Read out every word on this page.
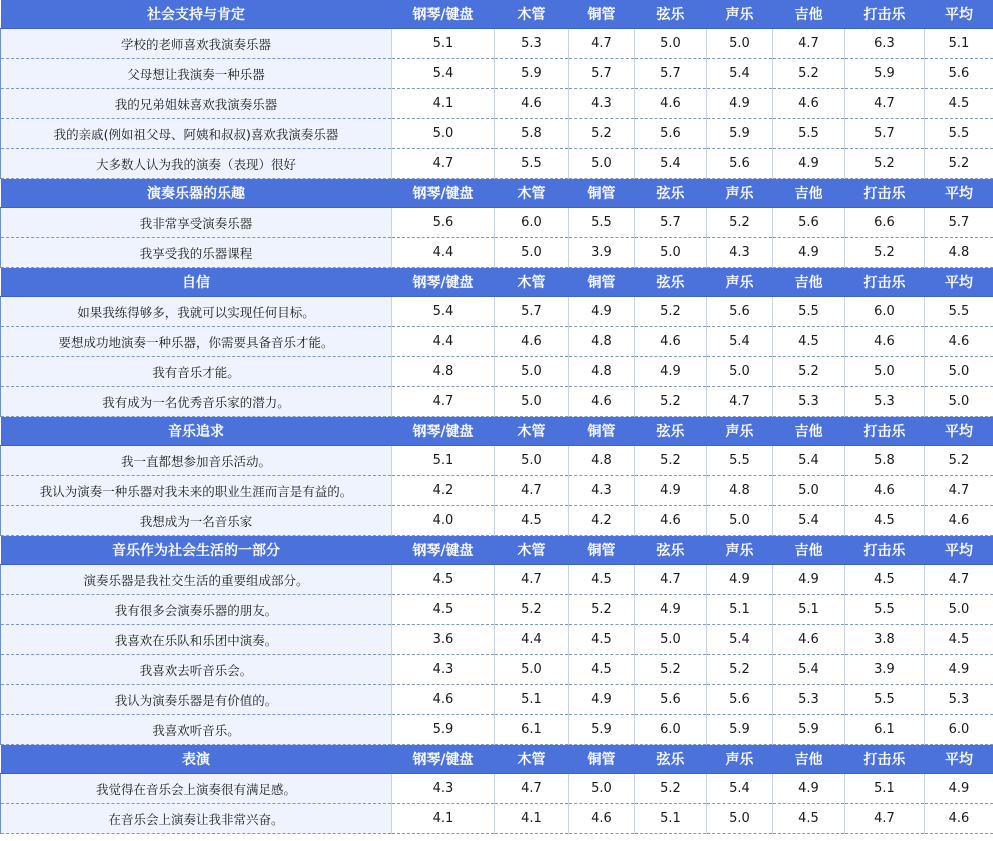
社会支持与肯定	钢琴/键盘	木管	铜管	弦乐	声乐	吉他	打击乐	平均
学校的老师喜欢我演奏乐器	5.1	5.3	4.7	5.0	5.0	4.7	6.3	5.1
父母想让我演奏一种乐器	5.4	5.9	5.7	5.7	5.4	5.2	5.9	5.6
我的兄弟姐妹喜欢我演奏乐器	4.1	4.6	4.3	4.6	4.9	4.6	4.7	4.5
我的亲戚(例如祖父母、阿姨和叔叔)喜欢我演奏乐器	5.0	5.8	5.2	5.6	5.9	5.5	5.7	5.5
大多数人认为我的演奏（表现）很好	4.7	5.5	5.0	5.4	5.6	4.9	5.2	5.2
演奏乐器的乐趣	钢琴/键盘	木管	铜管	弦乐	声乐	吉他	打击乐	平均
我非常享受演奏乐器	5.6	6.0	5.5	5.7	5.2	5.6	6.6	5.7
我享受我的乐器课程	4.4	5.0	3.9	5.0	4.3	4.9	5.2	4.8
自信	钢琴/键盘	木管	铜管	弦乐	声乐	吉他	打击乐	平均
如果我练得够多，我就可以实现任何目标。	5.4	5.7	4.9	5.2	5.6	5.5	6.0	5.5
要想成功地演奏一种乐器，你需要具备音乐才能。	4.4	4.6	4.8	4.6	5.4	4.5	4.6	4.6
我有音乐才能。	4.8	5.0	4.8	4.9	5.0	5.2	5.0	5.0
我有成为一名优秀音乐家的潜力。	4.7	5.0	4.6	5.2	4.7	5.3	5.3	5.0
音乐追求	钢琴/键盘	木管	铜管	弦乐	声乐	吉他	打击乐	平均
我一直都想参加音乐活动。	5.1	5.0	4.8	5.2	5.5	5.4	5.8	5.2
我认为演奏一种乐器对我未来的职业生涯而言是有益的。	4.2	4.7	4.3	4.9	4.8	5.0	4.6	4.7
我想成为一名音乐家	4.0	4.5	4.2	4.6	5.0	5.4	4.5	4.6
音乐作为社会生活的一部分	钢琴/键盘	木管	铜管	弦乐	声乐	吉他	打击乐	平均
演奏乐器是我社交生活的重要组成部分。	4.5	4.7	4.5	4.7	4.9	4.9	4.5	4.7
我有很多会演奏乐器的朋友。	4.5	5.2	5.2	4.9	5.1	5.1	5.5	5.0
我喜欢在乐队和乐团中演奏。	3.6	4.4	4.5	5.0	5.4	4.6	3.8	4.5
我喜欢去听音乐会。	4.3	5.0	4.5	5.2	5.2	5.4	3.9	4.9
我认为演奏乐器是有价值的。	4.6	5.1	4.9	5.6	5.6	5.3	5.5	5.3
我喜欢听音乐。	5.9	6.1	5.9	6.0	5.9	5.9	6.1	6.0
表演	钢琴/键盘	木管	铜管	弦乐	声乐	吉他	打击乐	平均
我觉得在音乐会上演奏很有满足感。	4.3	4.7	5.0	5.2	5.4	4.9	5.1	4.9
在音乐会上演奏让我非常兴奋。	4.1	4.1	4.6	5.1	5.0	4.5	4.7	4.6
